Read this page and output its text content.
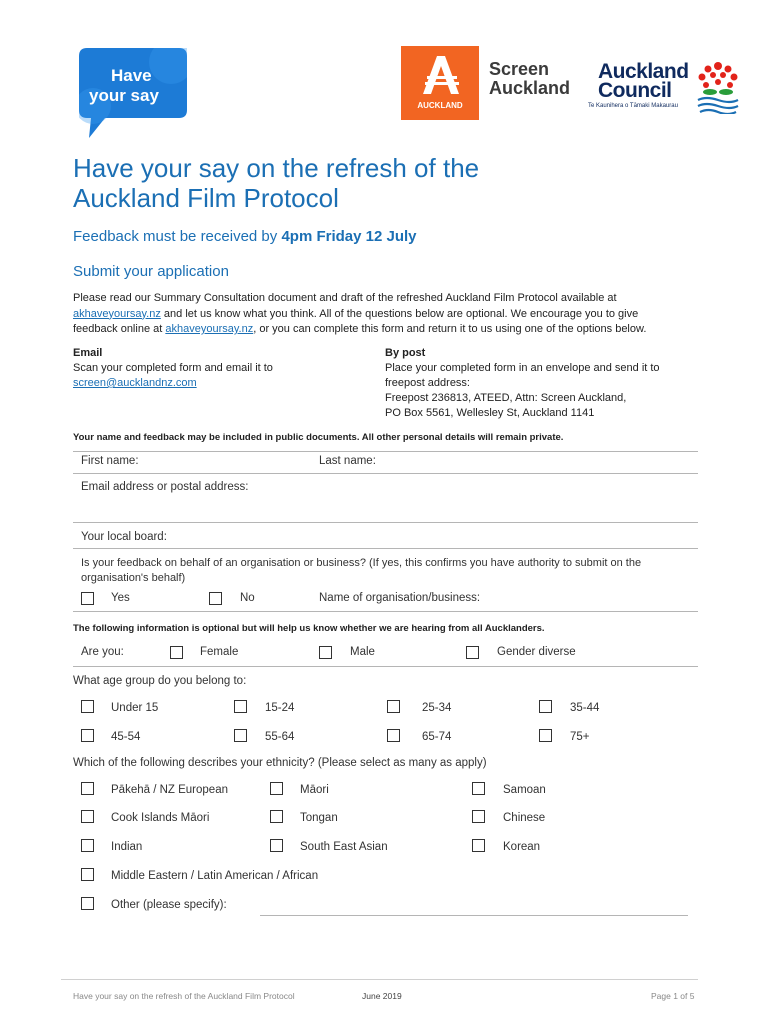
Have
your say
AUCKLAND
Screen
Auckland
Auckland
Council
Te Kaunihera o Tāmaki Makaurau
Have your say on the refresh of the
Auckland Film Protocol
Feedback must be received by 4pm Friday 12 July
Submit your application
Please read our Summary Consultation document and draft of the refreshed Auckland Film Protocol available at
akhaveyoursay.nz and let us know what you think. All of the questions below are optional. We encourage you to give
feedback online at akhaveyoursay.nz, or you can complete this form and return it to us using one of the options below.
Email
Scan your completed form and email it to
screen@aucklandnz.com
By post
Place your completed form in an envelope and send it to
freepost address:
Freepost 236813, ATEED, Attn: Screen Auckland,
PO Box 5561, Wellesley St, Auckland 1141
Your name and feedback may be included in public documents. All other personal details will remain private.
First name:	Last name:
Email address or postal address:
Your local board:
Is your feedback on behalf of an organisation or business? (If yes, this confirms you have authority to submit on the
organisation's behalf)
Yes	No	Name of organisation/business:
The following information is optional but will help us know whether we are hearing from all Aucklanders.
Are you:	Female	Male	Gender diverse
What age group do you belong to:
Under 15	15-24	25-34	35-44
45-54	55-64	65-74	75+
Which of the following describes your ethnicity? (Please select as many as apply)
Pākehā / NZ European	Māori	Samoan
Cook Islands Māori	Tongan	Chinese
Indian	South East Asian	Korean
Middle Eastern / Latin American / African
Other (please specify):
Have your say on the refresh of the Auckland Film Protocol	June 2019	Page 1 of 5
